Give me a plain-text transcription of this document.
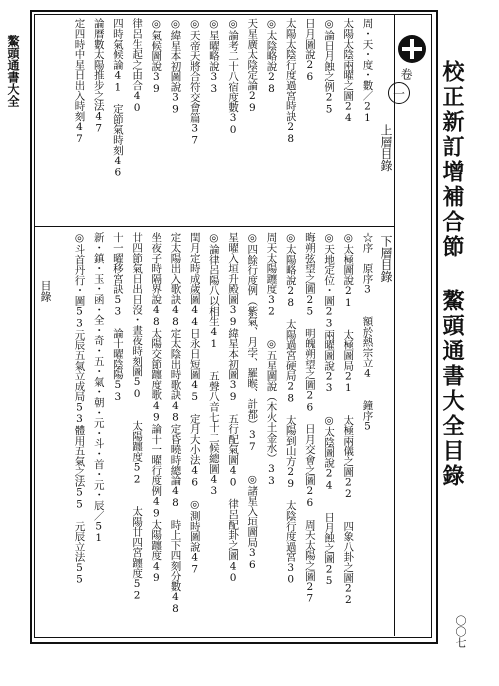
一
卷 校正新訂增補合節 鰲頭通書大全目錄
鰲頭通書大全
目錄
〇〇七
上層目錄
下層目錄
周・天・度・數／21
太陽太陰兩曜之圖24
◎論日月蝕之例25
日月圖說26
太陽太陰行度過宮時訣28
◎太陰略說28
天星廣太陰定論29
◎論考二十八宿度數30
◎星曜略說33
◎天帝天將合符交會篇37
◎緯星本初圖說39
◎氣候圖說39
律呂生起之由合40
四時氣候論41　定節氣時刻46
論曆數太陽推步之法47
定四時中星日出入時刻47
☆序　原序3　　額於熱宗立4　　鐘序5
◎太極圖說21　　太極圖局21　　太極兩儀之圖22　　四象八卦之圖22
◎天地定位・圖23兩曜圖說23　　◎太陰圖說24　　日月蝕之圖25
晦朔弦望之圖25　明魄朔望之圖26　日月交會之圖26　周天太陽之圖27
◎太陽略說28　太陽過宮硬局28　太陽到山方29　太陰行度過宮30
周天太陽躔度32　　◎五星圖說（木火土金水）33
◎四餘行度例（紫氣、月孛、羅睺、計都）37　　◎諸星入垣圖局36
星曜入垣升殿圖39緯星本初圖39　五行配氣圖40　律呂配卦之圖40
◎論律呂陽八以相生41　　五聲八音七十二候總圖43
閏月定時成歲圖44日永日短圖45　定月大小法46　◎測時圖說47
定太陽出入歌訣48定太陰出時歌訣48定昏曉時總論48　時上下四刻分數48
坐夜子時隔界說48太陽交節躔度歌49論十一曜行度例49太陽躔度49
廿四節氣日出日沒・晝夜時刻圖50　　太陽躔度52　　太陽廿四宮躔度52
十一曜移宮訣53　論十曜陰陽53
新・鎮・玉・函・全・奇・五・氣・朝・元・斗・首・元・辰／51
◎斗首丹行・圖53元辰五氣立成局53體用五氣之法55　元辰立法55
